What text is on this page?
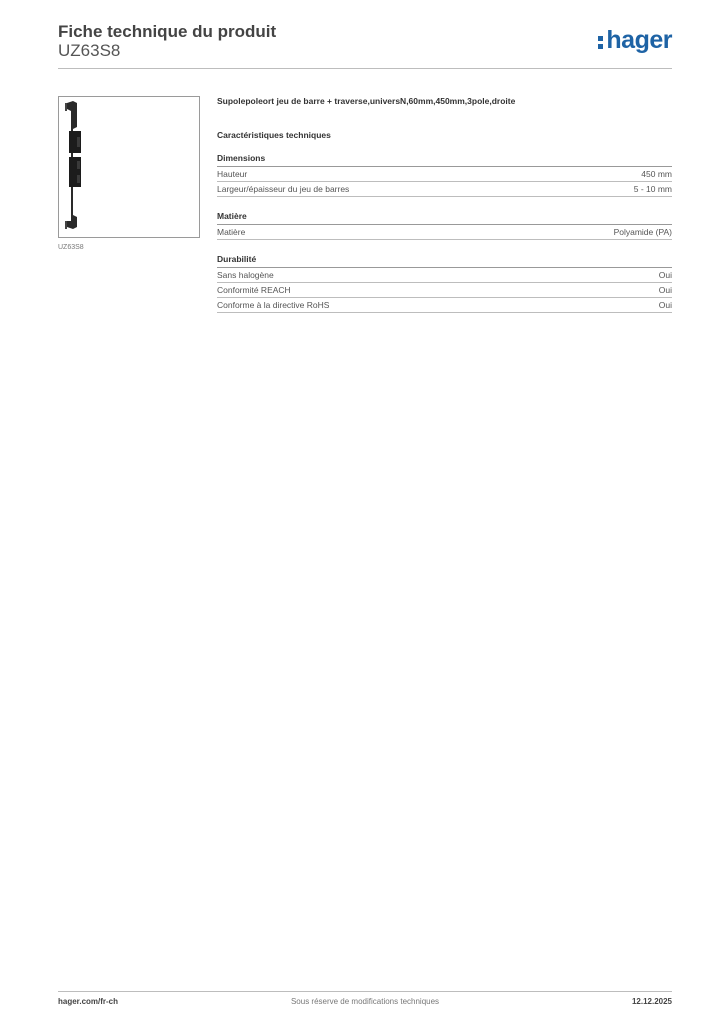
Fiche technique du produit
UZ63S8	hager
UZ63S8
Supolepoleort jeu de barre + traverse,universN,60mm,450mm,3pole,droite
Caractéristiques techniques
Dimensions
Hauteur	450 mm
Largeur/épaisseur du jeu de barres	5 - 10 mm
Matière
Matière	Polyamide (PA)
Durabilité
Sans halogène	Oui
Conformité REACH	Oui
Conforme à la directive RoHS	Oui
hager.com/fr-ch	Sous réserve de modifications techniques	12.12.2025
